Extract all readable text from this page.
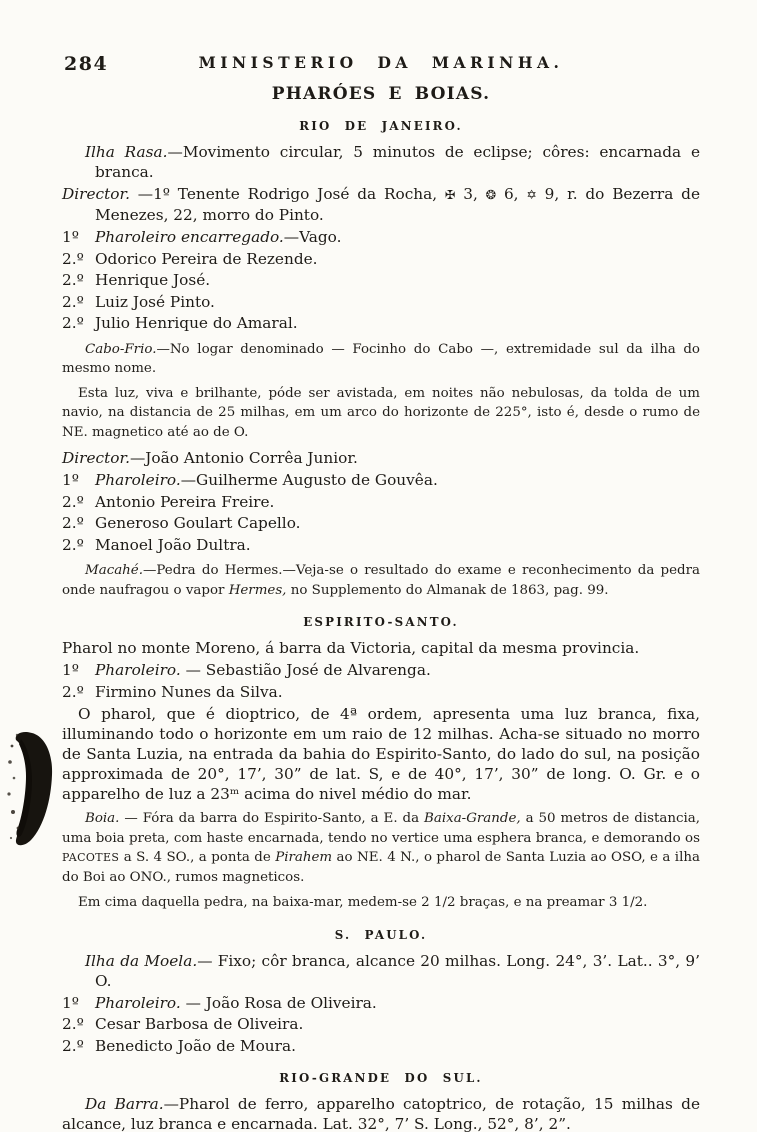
284	MINISTERIO DA MARINHA.
PHARÓES E BOIAS.
RIO DE JANEIRO.

Ilha Rasa.—Movimento circular, 5 minutos de eclipse; côres: encarnada e branca.

Director. —1º Tenente Rodrigo José da Rocha, ✠ 3, ❂ 6, ✡ 9, r. do Bezerra de Menezes, 22, morro do Pinto.

1º	Pharoleiro encarregado.—Vago.
2.º Odorico Pereira de Rezende.
2.º Henrique José.
2.º Luiz José Pinto.
2.º Julio Henrique do Amaral.

Cabo-Frio.—No logar denominado — Focinho do Cabo —, extremidade sul da ilha do mesmo nome.

Esta luz, viva e brilhante, póde ser avistada, em noites não nebulosas, da tolda de um navio, na distancia de 25 milhas, em um arco do horizonte de 225°, isto é, desde o rumo de NE. magnetico até ao de O.

Director.—João Antonio Corrêa Junior.

1º	Pharoleiro.—Guilherme Augusto de Gouvêa.
2.º Antonio Pereira Freire.
2.º Generoso Goulart Capello.
2.º Manoel João Dultra.

Macahé.—Pedra do Hermes.—Veja-se o resultado do exame e reconhecimento da pedra onde naufragou o vapor Hermes, no Supplemento do Almanak de 1863, pag. 99.

ESPIRITO-SANTO.

Pharol no monte Moreno, á barra da Victoria, capital da mesma provincia.

1º	Pharoleiro. — Sebastião José de Alvarenga.
2.º Firmino Nunes da Silva.

O pharol, que é dioptrico, de 4ª ordem, apresenta uma luz branca, fixa, illuminando todo o horizonte em um raio de 12 milhas. Acha-se situado no morro de Santa Luzia, na entrada da bahia do Espirito-Santo, do lado do sul, na posição approximada de 20°, 17’, 30” de lat. S, e de 40°, 17’, 30” de long. O. Gr. e o apparelho de luz a 23ᵐ acima do nivel médio do mar.

Boia. — Fóra da barra do Espirito-Santo, a E. da Baixa-Grande, a 50 metros de distancia, uma boia preta, com haste encarnada, tendo no vertice uma esphera branca, e demorando os PACOTES a S. 4 SO., a ponta de Pirahem ao NE. 4 N., o pharol de Santa Luzia ao OSO, e a ilha do Boi ao ONO., rumos magneticos.

Em cima daquella pedra, na baixa-mar, medem-se 2 1/2 braças, e na preamar 3 1/2.

S. PAULO.

Ilha da Moela.— Fixo; côr branca, alcance 20 milhas. Long. 24°, 3’. Lat.. 3°, 9’ O.

1º	Pharoleiro. — João Rosa de Oliveira.
2.º Cesar Barbosa de Oliveira.
2.º Benedicto João de Moura.
RIO-GRANDE DO SUL.

Da Barra.—Pharol de ferro, apparelho catoptrico, de rotação, 15 milhas de alcance, luz branca e encarnada. Lat. 32°, 7’ S. Long., 52°, 8’, 2”.
